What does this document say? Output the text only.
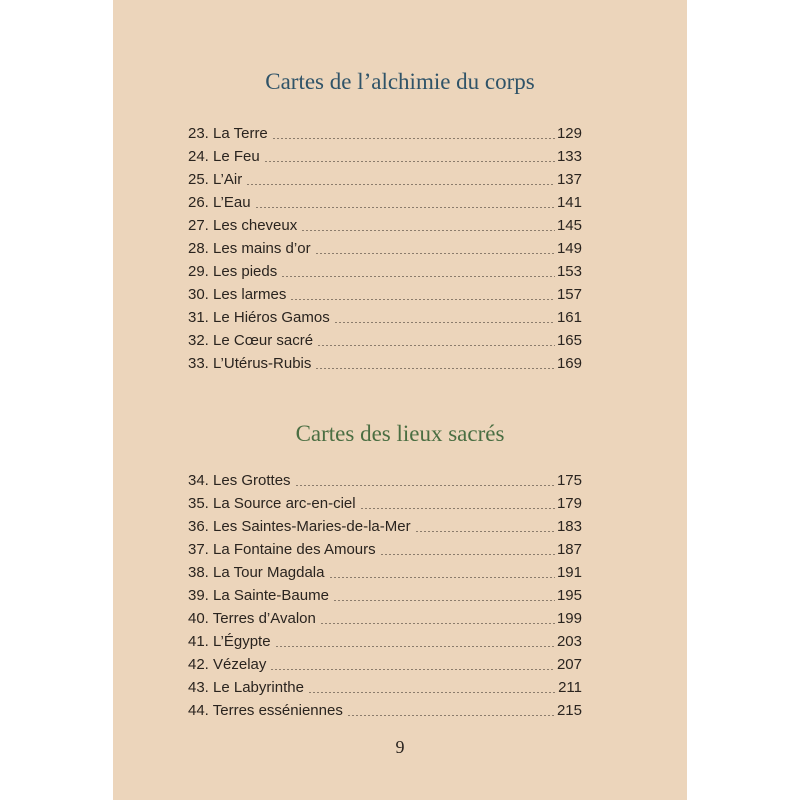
Cartes de l’alchimie du corps
23. La Terre	129
24. Le Feu	133
25. L’Air	137
26. L’Eau	141
27. Les cheveux	145
28. Les mains d’or	149
29. Les pieds	153
30. Les larmes	157
31. Le Hiéros Gamos	161
32. Le Cœur sacré	165
33. L’Utérus-Rubis	169
Cartes des lieux sacrés
34. Les Grottes	175
35. La Source arc-en-ciel	179
36. Les Saintes-Maries-de-la-Mer	183
37. La Fontaine des Amours	187
38. La Tour Magdala	191
39. La Sainte-Baume	195
40. Terres d’Avalon	199
41. L’Égypte	203
42. Vézelay	207
43. Le Labyrinthe	211
44. Terres esséniennes	215
9
